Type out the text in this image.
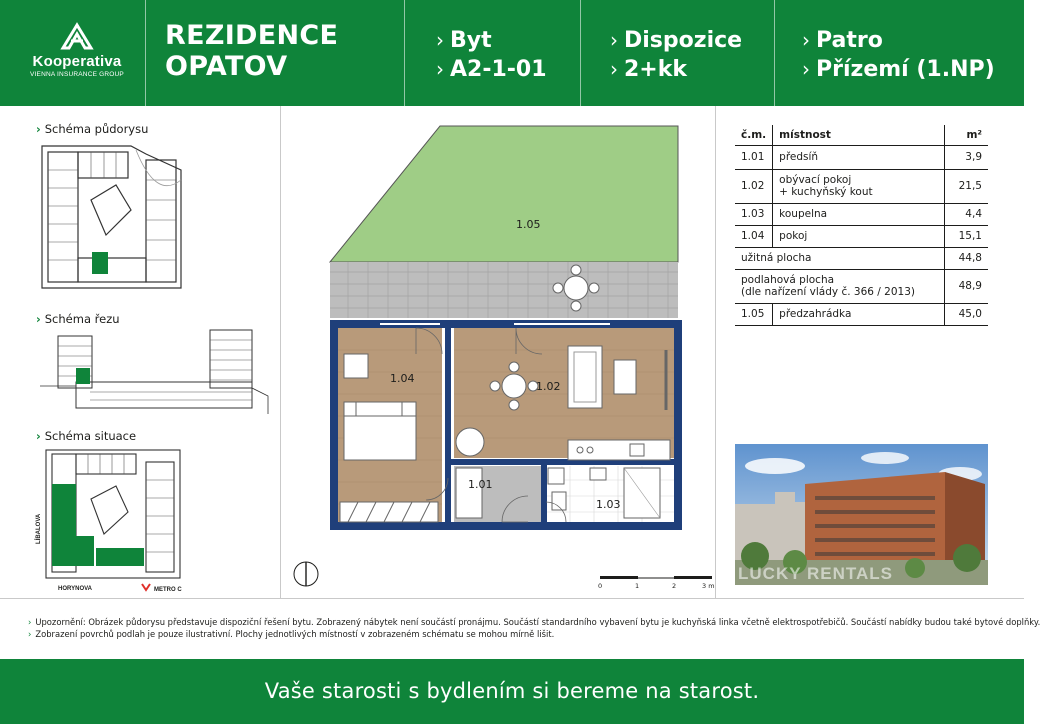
Kooperativa
VIENNA INSURANCE GROUP
REZIDENCE
OPATOV
› Byt
› A2-1-01
› Dispozice
› 2+kk
› Patro
› Přízemí (1.NP)
› Schéma půdorysu
› Schéma řezu
› Schéma situace
LÍBALOVA
HORYNOVA	METRO C
1.05
1.04
1.02
1.01
1.03
0	1	2	3 m
č.m.	místnost	m²
1.01	předsíň	3,9
1.02	obývací pokoj
+ kuchyňský kout	21,5
1.03	koupelna	4,4
1.04	pokoj	15,1
užitná plocha		44,8
podlahová plocha
(dle nařízení vlády č. 366 / 2013)		48,9
1.05	předzahrádka	45,0
LUCKY RENTALS
› Upozornění: Obrázek půdorysu představuje dispoziční řešení bytu. Zobrazený nábytek není součástí pronájmu. Součástí standardního vybavení bytu je kuchyňská linka včetně elektrospotřebičů. Součástí nabídky budou také bytové doplňky.
› Zobrazení povrchů podlah je pouze ilustrativní. Plochy jednotlivých místností v zobrazeném schématu se mohou mírně lišit.
Vaše starosti s bydlením si bereme na starost.
